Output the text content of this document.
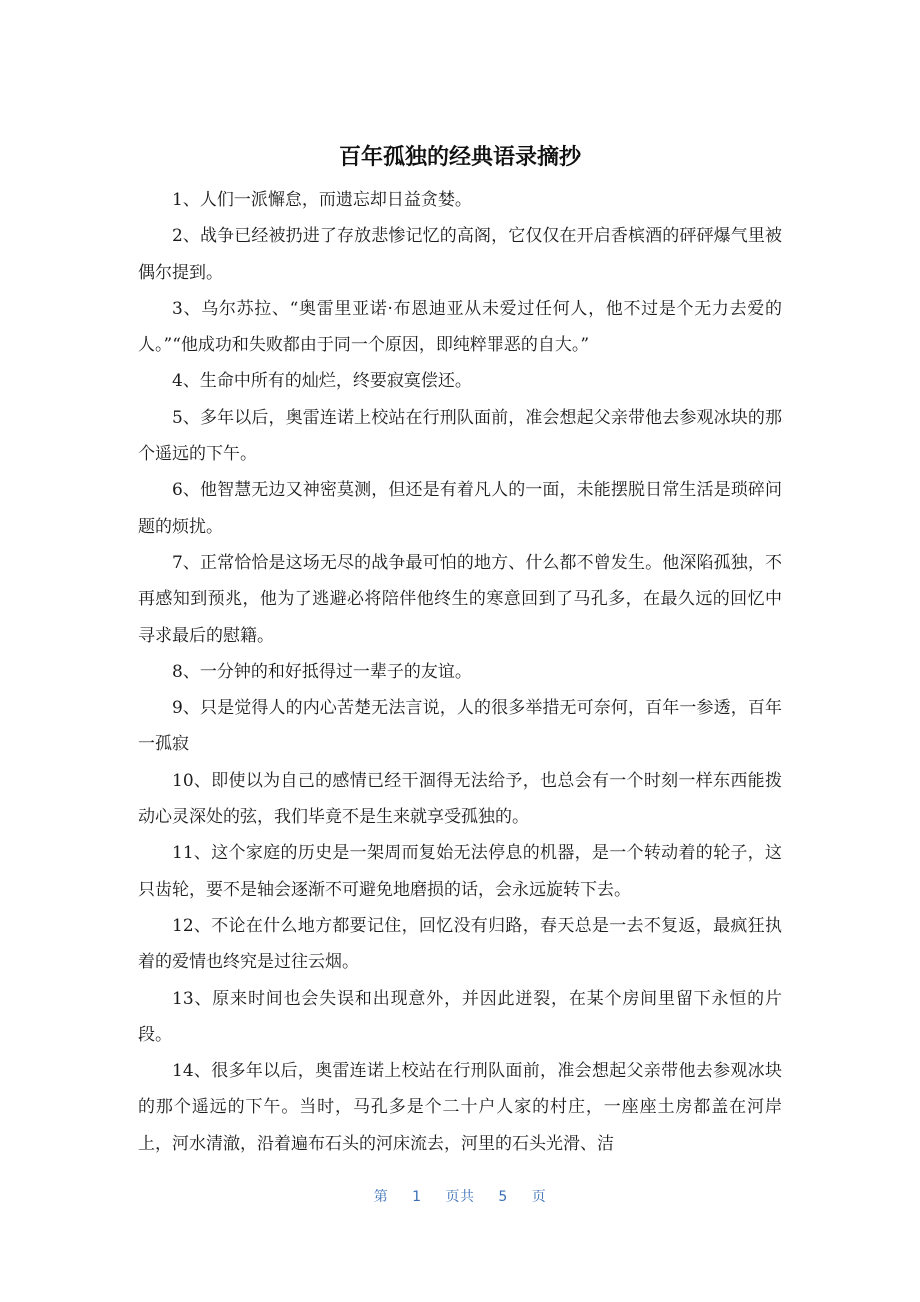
百年孤独的经典语录摘抄

1、人们一派懈怠，而遗忘却日益贪婪。

2、战争已经被扔进了存放悲惨记忆的高阁，它仅仅在开启香槟酒的砰砰爆气里被偶尔提到。

3、乌尔苏拉、“奥雷里亚诺·布恩迪亚从未爱过任何人，他不过是个无力去爱的人。”“他成功和失败都由于同一个原因，即纯粹罪恶的自大。”

4、生命中所有的灿烂，终要寂寞偿还。

5、多年以后，奥雷连诺上校站在行刑队面前，准会想起父亲带他去参观冰块的那个遥远的下午。

6、他智慧无边又神密莫测，但还是有着凡人的一面，未能摆脱日常生活是琐碎问题的烦扰。

7、正常恰恰是这场无尽的战争最可怕的地方、什么都不曾发生。他深陷孤独，不再感知到预兆，他为了逃避必将陪伴他终生的寒意回到了马孔多，在最久远的回忆中寻求最后的慰籍。

8、一分钟的和好抵得过一辈子的友谊。

9、只是觉得人的内心苦楚无法言说，人的很多举措无可奈何，百年一参透，百年一孤寂

10、即使以为自己的感情已经干涸得无法给予，也总会有一个时刻一样东西能拨动心灵深处的弦，我们毕竟不是生来就享受孤独的。

11、这个家庭的历史是一架周而复始无法停息的机器，是一个转动着的轮子，这只齿轮，要不是轴会逐渐不可避免地磨损的话，会永远旋转下去。

12、不论在什么地方都要记住，回忆没有归路，春天总是一去不复返，最疯狂执着的爱情也终究是过往云烟。

13、原来时间也会失误和出现意外，并因此迸裂，在某个房间里留下永恒的片段。

14、很多年以后，奥雷连诺上校站在行刑队面前，准会想起父亲带他去参观冰块的那个遥远的下午。当时，马孔多是个二十户人家的村庄，一座座土房都盖在河岸上，河水清澈，沿着遍布石头的河床流去，河里的石头光滑、洁

第 1 页共 5 页
